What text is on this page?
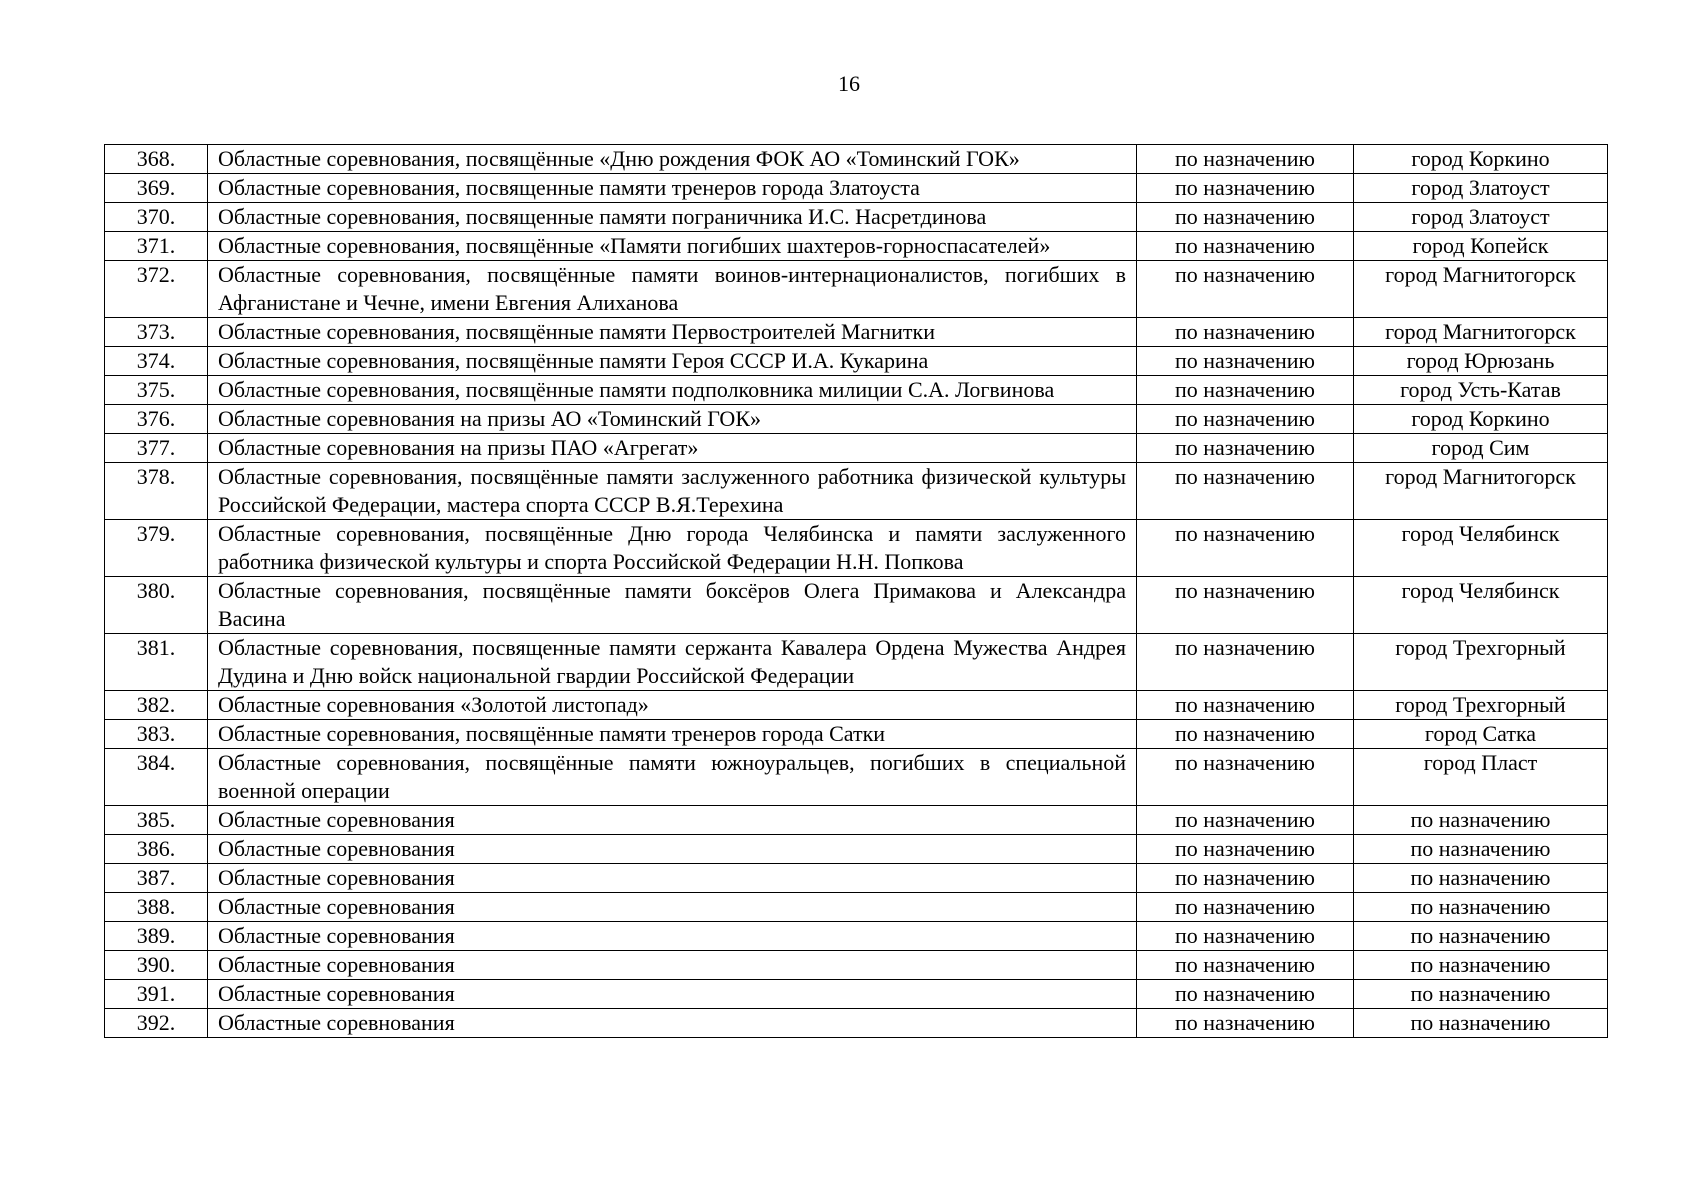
16
368.	Областные соревнования, посвящённые «Дню рождения ФОК АО «Томинский ГОК»	по назначению	город Коркино
369.	Областные соревнования, посвященные памяти тренеров города Златоуста	по назначению	город Златоуст
370.	Областные соревнования, посвященные памяти пограничника И.С. Насретдинова	по назначению	город Златоуст
371.	Областные соревнования, посвящённые «Памяти погибших шахтеров-горноспасателей»	по назначению	город Копейск
372.	Областные соревнования, посвящённые памяти воинов-интернационалистов, погибших в Афганистане и Чечне, имени Евгения Алиханова	по назначению	город Магнитогорск
373.	Областные соревнования, посвящённые памяти Первостроителей Магнитки	по назначению	город Магнитогорск
374.	Областные соревнования, посвящённые памяти Героя СССР И.А. Кукарина	по назначению	город Юрюзань
375.	Областные соревнования, посвящённые памяти подполковника милиции С.А. Логвинова	по назначению	город Усть-Катав
376.	Областные соревнования на призы АО «Томинский ГОК»	по назначению	город Коркино
377.	Областные соревнования на призы ПАО «Агрегат»	по назначению	город Сим
378.	Областные соревнования, посвящённые памяти заслуженного работника физической культуры Российской Федерации, мастера спорта СССР В.Я.Терехина	по назначению	город Магнитогорск
379.	Областные соревнования, посвящённые Дню города Челябинска и памяти заслуженного работника физической культуры и спорта Российской Федерации Н.Н. Попкова	по назначению	город Челябинск
380.	Областные соревнования, посвящённые памяти боксёров Олега Примакова и Александра Васина	по назначению	город Челябинск
381.	Областные соревнования, посвященные памяти сержанта Кавалера Ордена Мужества Андрея Дудина и Дню войск национальной гвардии Российской Федерации	по назначению	город Трехгорный
382.	Областные соревнования «Золотой листопад»	по назначению	город Трехгорный
383.	Областные соревнования, посвящённые памяти тренеров города Сатки	по назначению	город Сатка
384.	Областные соревнования, посвящённые памяти южноуральцев, погибших в специальной военной операции	по назначению	город Пласт
385.	Областные соревнования	по назначению	по назначению
386.	Областные соревнования	по назначению	по назначению
387.	Областные соревнования	по назначению	по назначению
388.	Областные соревнования	по назначению	по назначению
389.	Областные соревнования	по назначению	по назначению
390.	Областные соревнования	по назначению	по назначению
391.	Областные соревнования	по назначению	по назначению
392.	Областные соревнования	по назначению	по назначению
